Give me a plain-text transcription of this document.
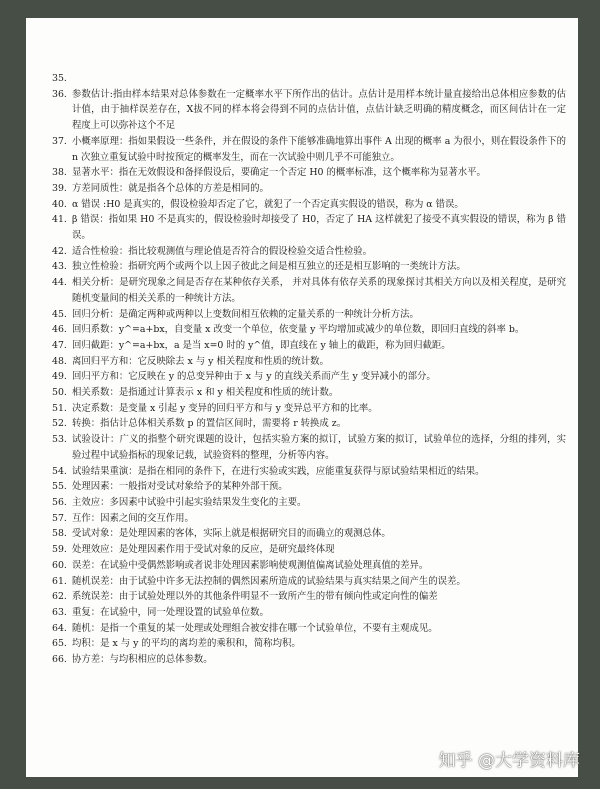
35.
36. 参数估计:指由样本结果对总体参数在一定概率水平下所作出的估计。点估计是用样本统计量直接给出总体相应参数的估计值，由于抽样误差存在，X拔不同的样本将会得到不同的点估计值，点估计缺乏明确的精度概念，而区间估计在一定程度上可以弥补这个不足
37. 小概率原理：指如果假设一些条件，并在假设的条件下能够准确地算出事件 A 出现的概率 a 为很小，则在假设条件下的 n 次独立重复试验中时按预定的概率发生，而在一次试验中则几乎不可能独立。
38. 显著水平：指在无效假设和备择假设后，要确定一个否定 H0 的概率标准，这个概率称为显著水平。
39. 方差同质性：就是指各个总体的方差是相同的。
40. α 错误 :H0 是真实的，假设检验却否定了它，就犯了一个否定真实假设的错误，称为 α 错误。
41. β 错误：指如果 H0 不是真实的，假设检验时却接受了 H0，否定了 HA 这样就犯了接受不真实假设的错误，称为 β 错误。
42. 适合性检验：指比较观测值与理论值是否符合的假设检验交适合性检验。
43. 独立性检验：指研究两个或两个以上因子彼此之间是相互独立的还是相互影响的一类统计方法。
44. 相关分析：是研究现象之间是否存在某种依存关系， 并对具体有依存关系的现象探讨其相关方向以及相关程度，是研究随机变量间的相关关系的一种统计方法。
45. 回归分析：是确定两种或两种以上变数间相互依赖的定量关系的一种统计分析方法。
46. 回归系数：y^=a+bx，自变量 x 改变一个单位，依变量 y 平均增加或减少的单位数，即回归直线的斜率 b。
47. 回归截距：y^=a+bx，a 是当 x=0 时的 y^值，即直线在 y 轴上的截距，称为回归截距。
48. 离回归平方和：它反映除去 x 与 y 相关程度和性质的统计数。
49. 回归平方和：它反映在 y 的总变异种由于 x 与 y 的直线关系而产生 y 变异减小的部分。
50. 相关系数：是指通过计算表示 x 和 y 相关程度和性质的统计数。
51. 决定系数：是变量 x 引起 y 变异的回归平方和与 y 变异总平方和的比率。
52. 转换：指估计总体相关系数 p 的置信区间时，需要将 r 转换成 z。
53. 试验设计：广义的指整个研究课题的设计，包括实验方案的拟订，试验方案的拟订，试验单位的选择，分组的排列，实验过程中试验指标的现象记载，试验资料的整理，分析等内容。
54. 试验结果重演：是指在相同的条件下，在进行实验或实践，应能重复获得与原试验结果相近的结果。
55. 处理因素：一般指对受试对象给予的某种外部干预。
56. 主效应：多因素中试验中引起实验结果发生变化的主要。
57. 互作：因素之间的交互作用。
58. 受试对象：是处理因素的客体，实际上就是根据研究目的而确立的观测总体。
59. 处理效应：是处理因素作用于受试对象的反应，是研究最终体现
60. 误差：在试验中受偶然影响或者说非处理因素影响使观测值偏离试验处理真值的差异。
61. 随机误差：由于试验中许多无法控制的偶然因素所造成的试验结果与真实结果之间产生的误差。
62. 系统误差：由于试验处理以外的其他条件明显不一致所产生的带有倾向性或定向性的偏差
63. 重复：在试验中，同一处理设置的试验单位数。
64. 随机：是指一个重复的某一处理或处理组合被安排在哪一个试验单位，不要有主观成见。
65. 均积：是 x 与 y 的平均的离均差的乘积和，简称均积。
66. 协方差：与均积相应的总体参数。
知乎 @大学资料库
